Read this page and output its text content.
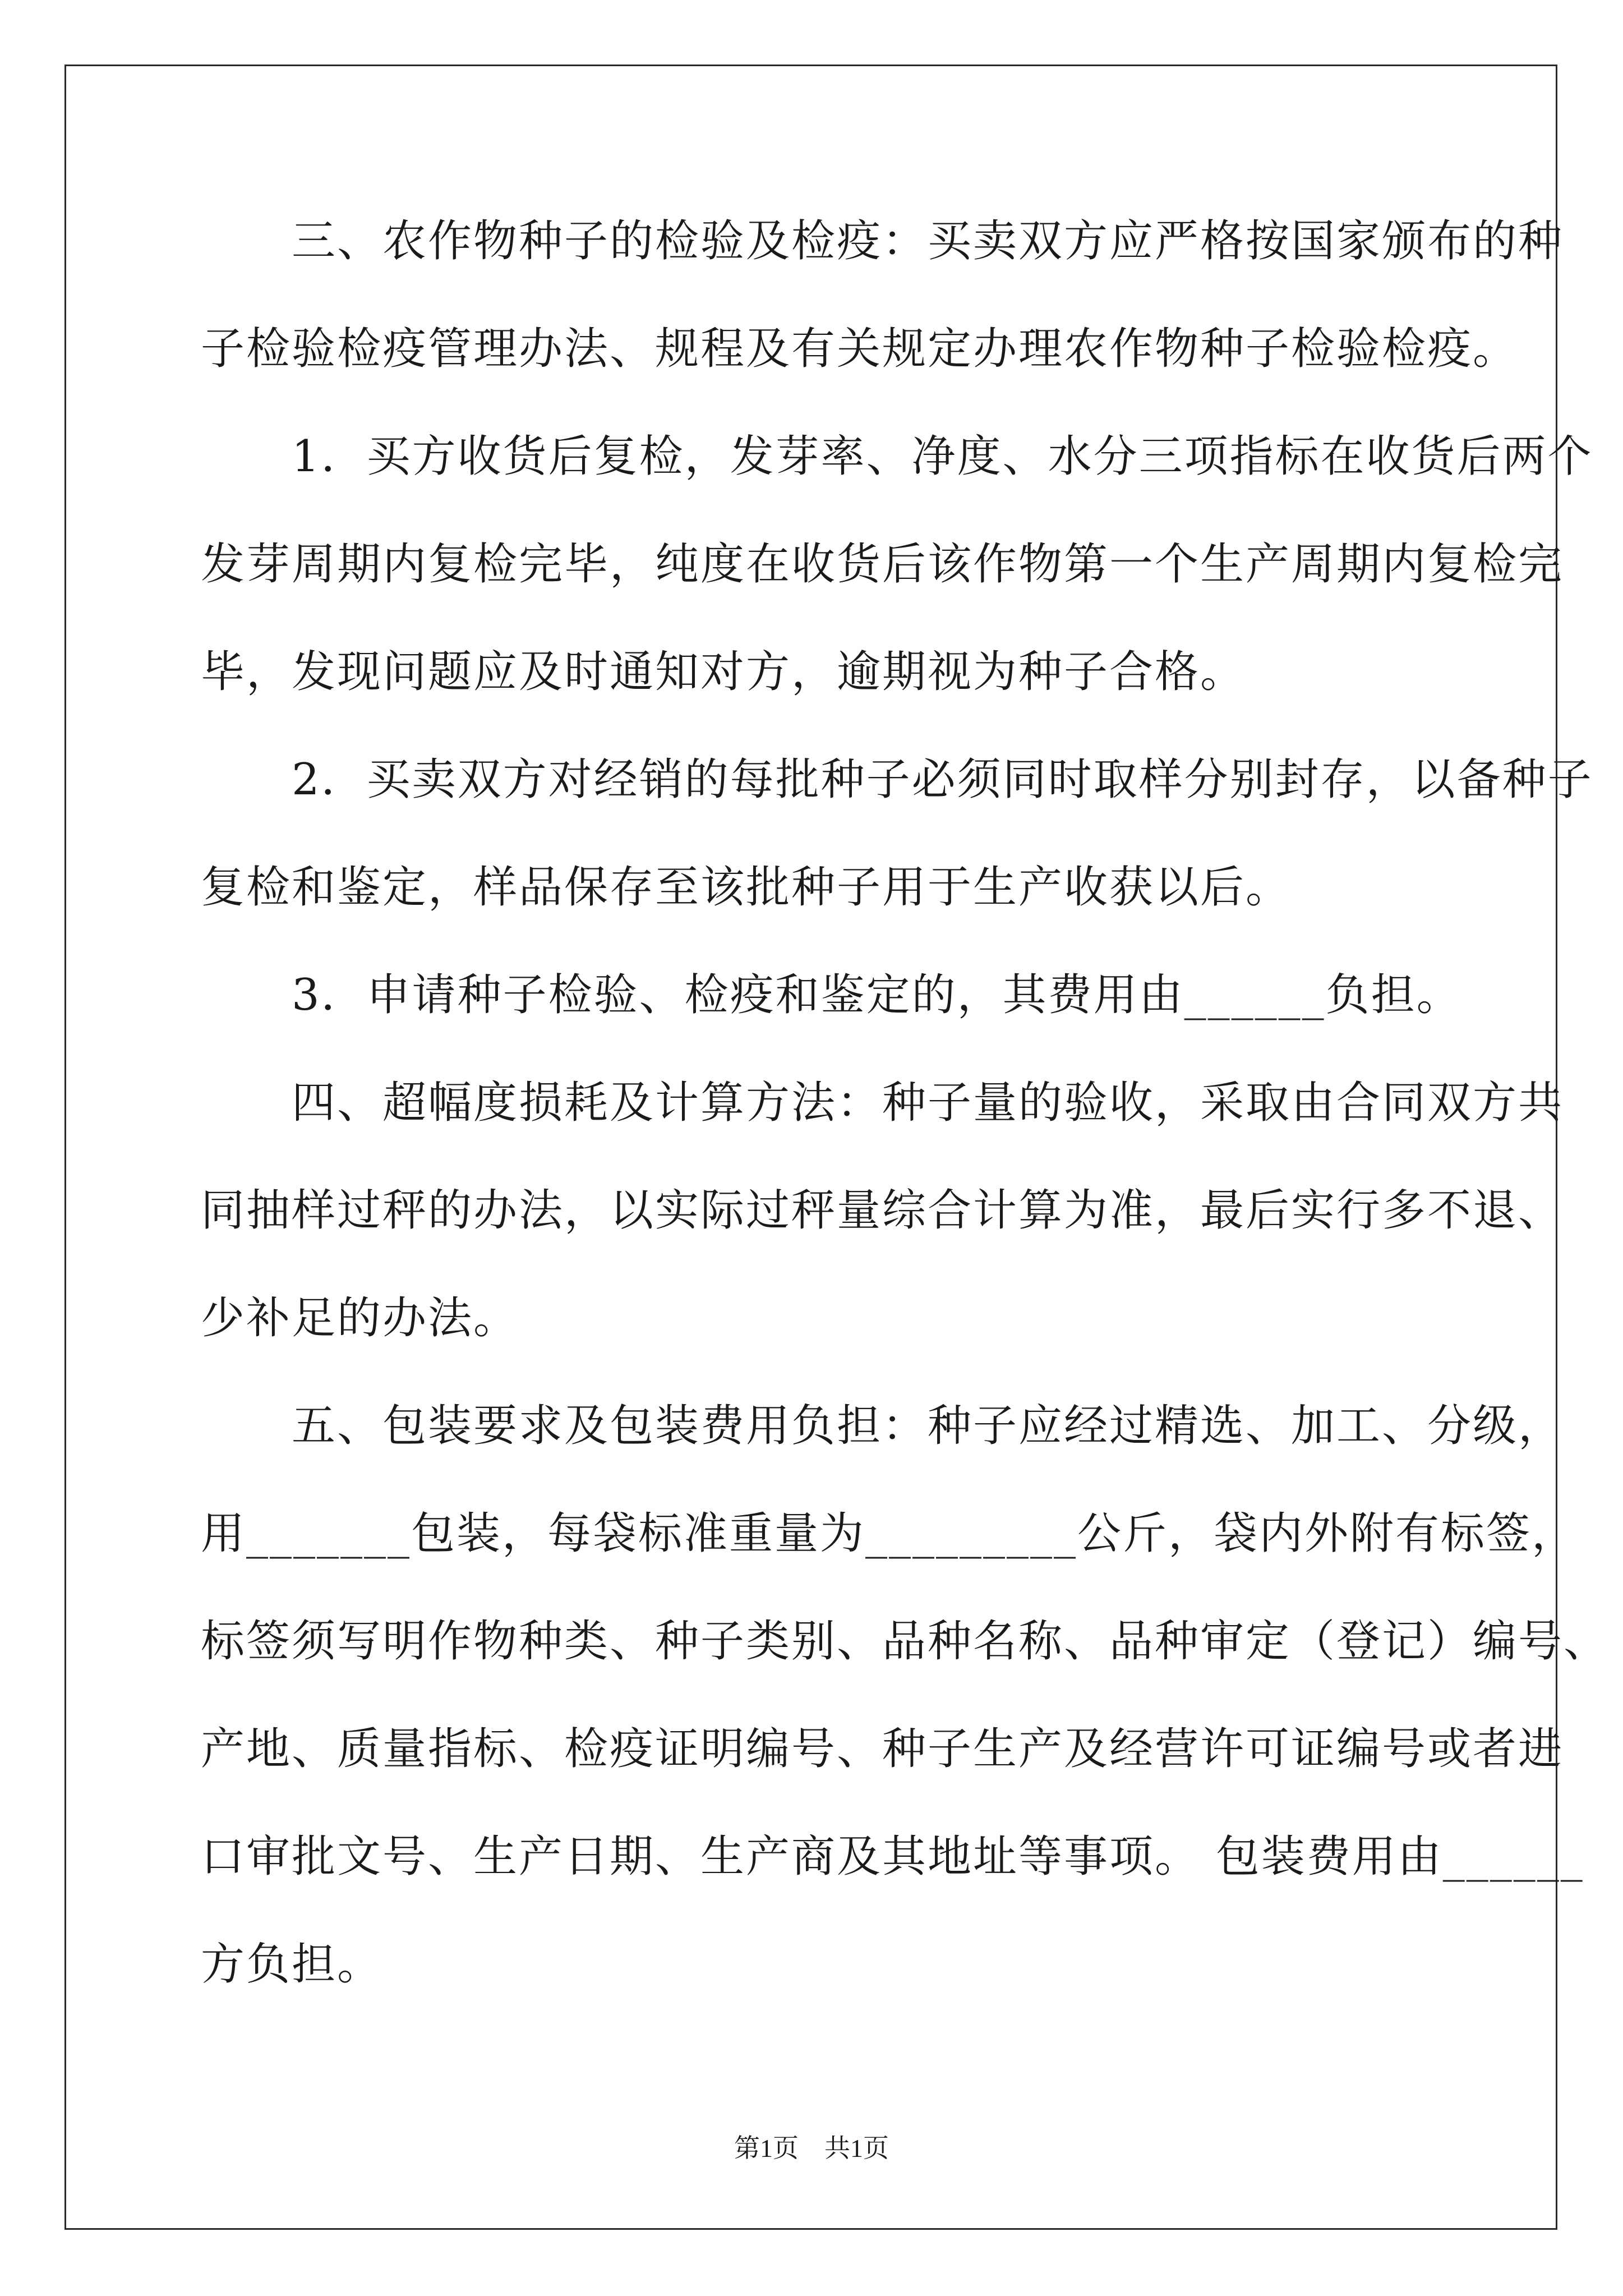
　　三、农作物种子的检验及检疫：买卖双方应严格按国家颁布的种
子检验检疫管理办法、规程及有关规定办理农作物种子检验检疫。
　　1．买方收货后复检，发芽率、净度、水分三项指标在收货后两个
发芽周期内复检完毕，纯度在收货后该作物第一个生产周期内复检完
毕，发现问题应及时通知对方，逾期视为种子合格。
　　2．买卖双方对经销的每批种子必须同时取样分别封存，以备种子
复检和鉴定，样品保存至该批种子用于生产收获以后。
　　3．申请种子检验、检疫和鉴定的，其费用由______负担。
　　四、超幅度损耗及计算方法：种子量的验收，采取由合同双方共
同抽样过秤的办法，以实际过秤量综合计算为准，最后实行多不退、
少补足的办法。
　　五、包装要求及包装费用负担：种子应经过精选、加工、分级，
用_______包装，每袋标准重量为_________公斤，袋内外附有标签，
标签须写明作物种类、种子类别、品种名称、品种审定（登记）编号、
产地、质量指标、检疫证明编号、种子生产及经营许可证编号或者进
口审批文号、生产日期、生产商及其地址等事项。 包装费用由______
方负担。
第1页　共1页
